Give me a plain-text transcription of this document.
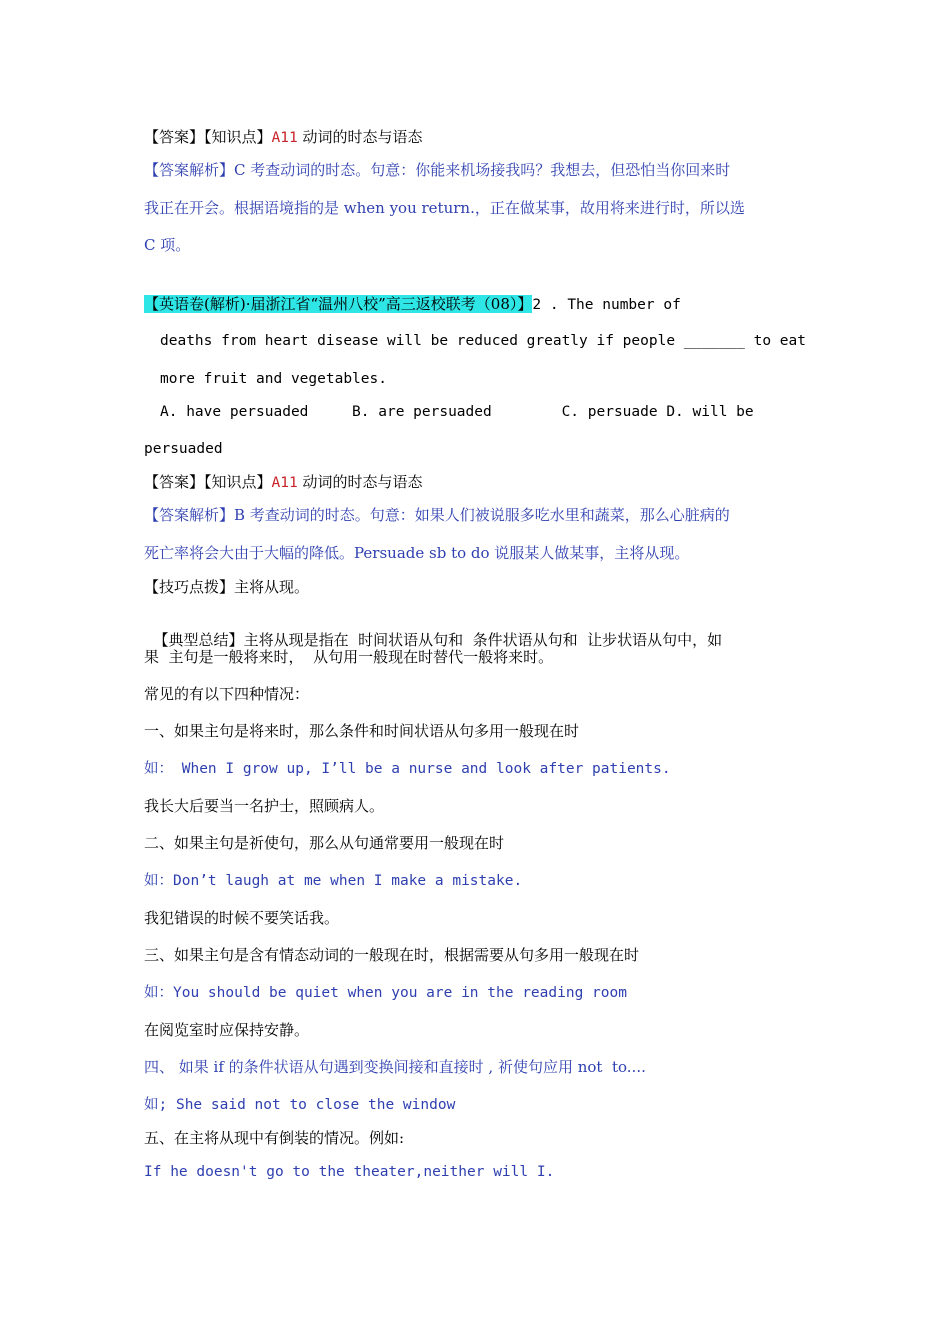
【答案】【知识点】A11 动词的时态与语态
【答案解析】C 考查动词的时态。句意：你能来机场接我吗？我想去，但恐怕当你回来时
我正在开会。根据语境指的是 when you return.，正在做某事，故用将来进行时，所以选
C 项。
【英语卷(解析)·届浙江省“温州八校”高三返校联考（08）】2 . The number of
deaths from heart disease will be reduced greatly if people _______ to eat
more fruit and vegetables.
A. have persuaded     B. are persuaded        C. persuade D. will be
persuaded
【答案】【知识点】A11 动词的时态与语态
【答案解析】B 考查动词的时态。句意：如果人们被说服多吃水里和蔬菜，那么心脏病的
死亡率将会大由于大幅的降低。Persuade sb to do 说服某人做某事，主将从现。
【技巧点拨】主将从现。

【典型总结】主将从现是指在  时间状语从句和  条件状语从句和  让步状语从句中，如

果  主句是一般将来时，  从句用一般现在时替代一般将来时。
常见的有以下四种情况：
一、如果主句是将来时，那么条件和时间状语从句多用一般现在时
如： When I grow up, I’ll be a nurse and look after patients.
我长大后要当一名护士，照顾病人。
二、如果主句是祈使句，那么从句通常要用一般现在时
如：Don’t laugh at me when I make a mistake.
我犯错误的时候不要笑话我。
三、如果主句是含有情态动词的一般现在时，根据需要从句多用一般现在时
如：You should be quiet when you are in the reading room
在阅览室时应保持安静。
四、 如果 if 的条件状语从句遇到变换间接和直接时 , 祈使句应用 not  to....
如; She said not to close the window
五、在主将从现中有倒装的情况。例如:
If he doesn't go to the theater,neither will I.
